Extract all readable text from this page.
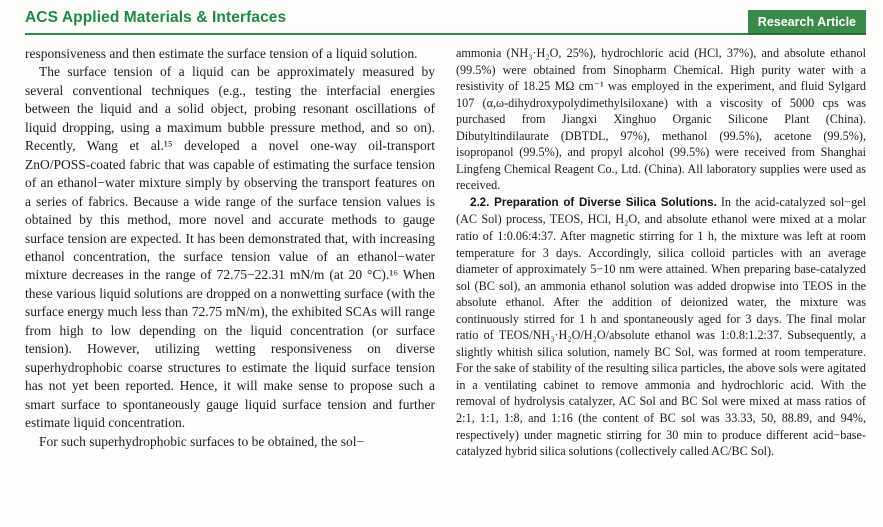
ACS Applied Materials & Interfaces	Research Article

responsiveness and then estimate the surface tension of a liquid solution.

The surface tension of a liquid can be approximately measured by several conventional techniques (e.g., testing the interfacial energies between the liquid and a solid object, probing resonant oscillations of liquid dropping, using a maximum bubble pressure method, and so on). Recently, Wang et al.¹⁵ developed a novel one-way oil-transport ZnO/POSS-coated fabric that was capable of estimating the surface tension of an ethanol−water mixture simply by observing the transport features on a series of fabrics. Because a wide range of the surface tension values is obtained by this method, more novel and accurate methods to gauge surface tension are expected. It has been demonstrated that, with increasing ethanol concentration, the surface tension value of an ethanol−water mixture decreases in the range of 72.75−22.31 mN/m (at 20 °C).¹⁶ When these various liquid solutions are dropped on a nonwetting surface (with the surface energy much less than 72.75 mN/m), the exhibited SCAs will range from high to low depending on the liquid concentration (or surface tension). However, utilizing wetting responsiveness on diverse superhydrophobic coarse structures to estimate the liquid surface tension has not yet been reported. Hence, it will make sense to propose such a smart surface to spontaneously gauge liquid surface tension and further estimate liquid concentration.

For such superhydrophobic surfaces to be obtained, the sol−

ammonia (NH₃·H₂O, 25%), hydrochloric acid (HCl, 37%), and absolute ethanol (99.5%) were obtained from Sinopharm Chemical. High purity water with a resistivity of 18.25 MΩ cm⁻¹ was employed in the experiment, and fluid Sylgard 107 (α,ω-dihydroxypolydimethylsiloxane) with a viscosity of 5000 cps was purchased from Jiangxi Xinghuo Organic Silicone Plant (China). Dibutyltindilaurate (DBTDL, 97%), methanol (99.5%), acetone (99.5%), isopropanol (99.5%), and propyl alcohol (99.5%) were received from Shanghai Lingfeng Chemical Reagent Co., Ltd. (China). All laboratory supplies were used as received.

2.2. Preparation of Diverse Silica Solutions. In the acid-catalyzed sol−gel (AC Sol) process, TEOS, HCl, H₂O, and absolute ethanol were mixed at a molar ratio of 1:0.06:4:37. After magnetic stirring for 1 h, the mixture was left at room temperature for 3 days. Accordingly, silica colloid particles with an average diameter of approximately 5−10 nm were attained. When preparing base-catalyzed sol (BC sol), an ammonia ethanol solution was added dropwise into TEOS in the absolute ethanol. After the addition of deionized water, the mixture was continuously stirred for 1 h and spontaneously aged for 3 days. The final molar ratio of TEOS/NH₃·H₂O/H₂O/absolute ethanol was 1:0.8:1.2:37. Subsequently, a slightly whitish silica solution, namely BC Sol, was formed at room temperature. For the sake of stability of the resulting silica particles, the above sols were agitated in a ventilating cabinet to remove ammonia and hydrochloric acid. With the removal of hydrolysis catalyzer, AC Sol and BC Sol were mixed at mass ratios of 2:1, 1:1, 1:8, and 1:16 (the content of BC sol was 33.33, 50, 88.89, and 94%, respectively) under magnetic stirring for 30 min to produce different acid−base-catalyzed hybrid silica solutions (collectively called AC/BC Sol).
